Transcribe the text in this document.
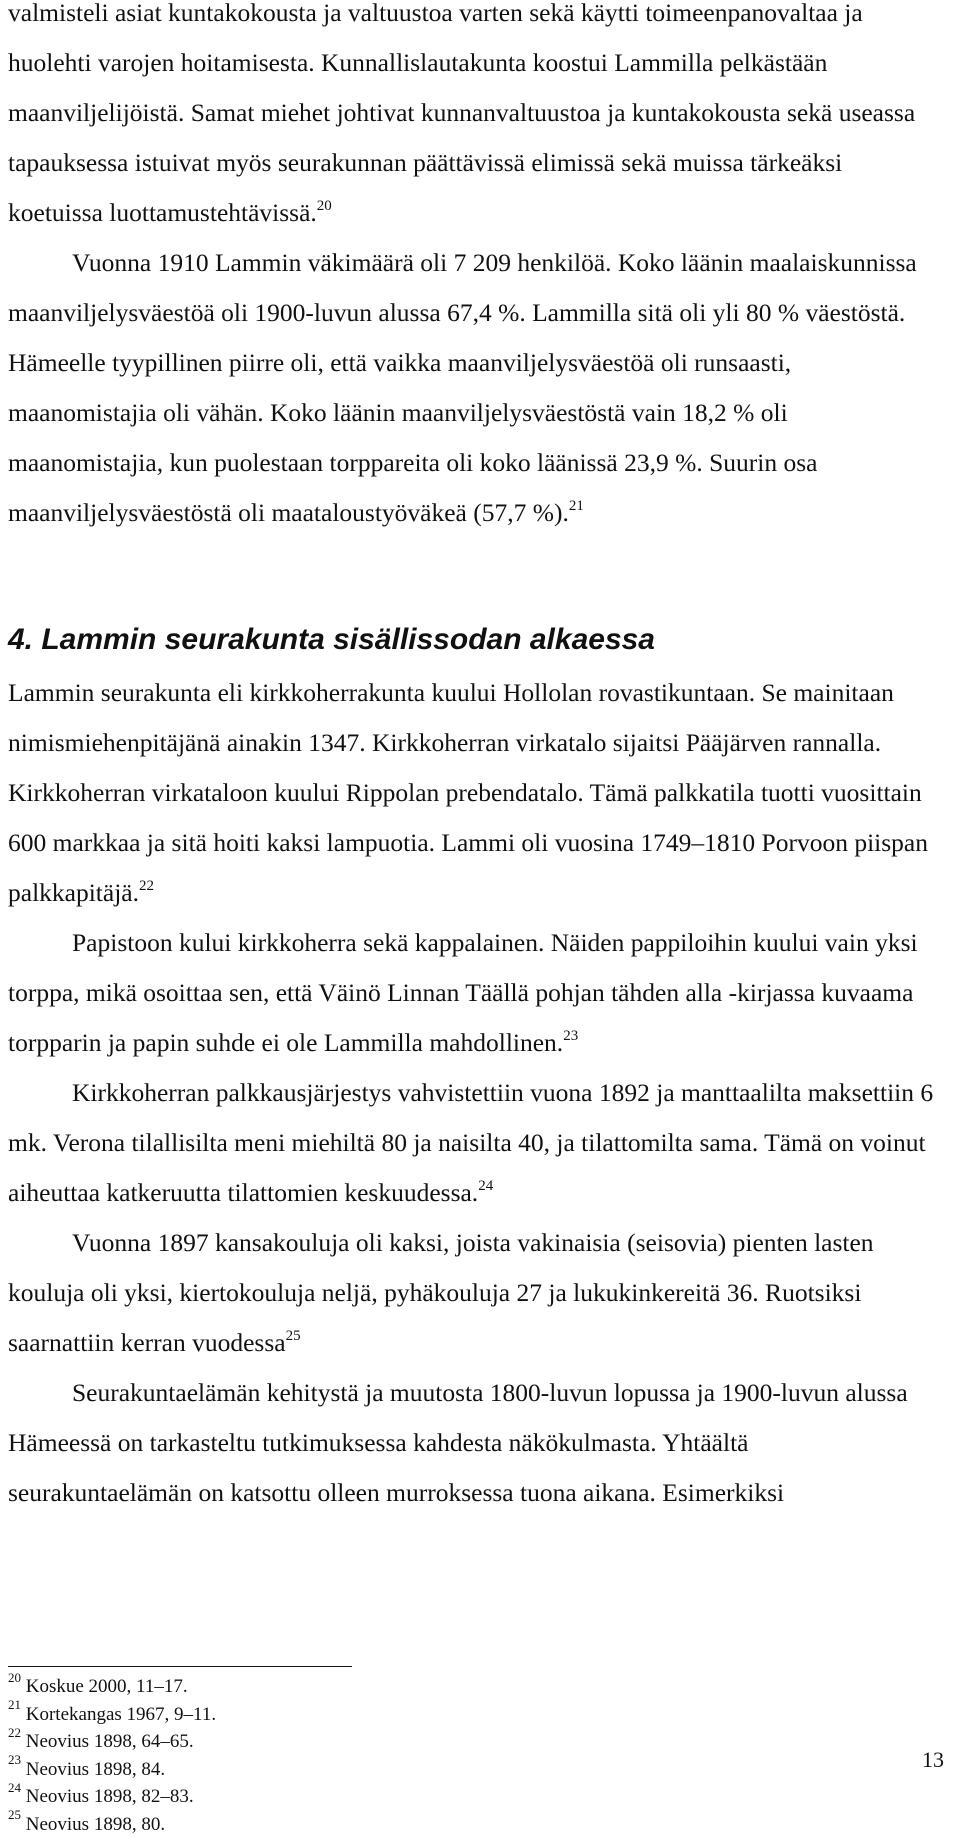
valmisteli asiat kuntakokousta ja valtuustoa varten sekä käytti toimeenpanovaltaa ja huolehti varojen hoitamisesta. Kunnallislautakunta koostui Lammilla pelkästään maanviljelijöistä. Samat miehet johtivat kunnanvaltuustoa ja kuntakokousta sekä useassa tapauksessa istuivat myös seurakunnan päättävissä elimissä sekä muissa tärkeäksi koetuissa luottamustehtävissä.$^{20}$

Vuonna 1910 Lammin väkimäärä oli 7 209 henkilöä. Koko läänin maalaiskunnissa maanviljelysväestöä oli 1900-luvun alussa 67,4 %. Lammilla sitä oli yli 80 % väestöstä. Hämeelle tyypillinen piirre oli, että vaikka maanviljelysväestöä oli runsaasti, maanomistajia oli vähän. Koko läänin maanviljelysväestöstä vain 18,2 % oli maanomistajia, kun puolestaan torppareita oli koko läänissä 23,9 %. Suurin osa maanviljelysväestöstä oli maataloustyöväkeä (57,7 %).$^{21}$

4. Lammin seurakunta sisällissodan alkaessa

Lammin seurakunta eli kirkkoherrakunta kuului Hollolan rovastikuntaan. Se mainitaan nimismiehenpitäjänä ainakin 1347. Kirkkoherran virkatalo sijaitsi Pääjärven rannalla. Kirkkoherran virkataloon kuului Rippolan prebendatalo. Tämä palkkatila tuotti vuosittain 600 markkaa ja sitä hoiti kaksi lampuotia. Lammi oli vuosina 1749–1810 Porvoon piispan palkkapitäjä.$^{22}$

Papistoon kului kirkkoherra sekä kappalainen. Näiden pappiloihin kuului vain yksi torppa, mikä osoittaa sen, että Väinö Linnan Täällä pohjan tähden alla -kirjassa kuvaama torpparin ja papin suhde ei ole Lammilla mahdollinen.$^{23}$

Kirkkoherran palkkausjärjestys vahvistettiin vuona 1892 ja manttaalilta maksettiin 6 mk. Verona tilallisilta meni miehiltä 80 ja naisilta 40, ja tilattomilta sama. Tämä on voinut aiheuttaa katkeruutta tilattomien keskuudessa.$^{24}$

Vuonna 1897 kansakouluja oli kaksi, joista vakinaisia (seisovia) pienten lasten kouluja oli yksi, kiertokouluja neljä, pyhäkouluja 27 ja lukukinkereitä 36. Ruotsiksi saarnattiin kerran vuodessa$^{25}$

Seurakuntaelämän kehitystä ja muutosta 1800-luvun lopussa ja 1900-luvun alussa Hämeessä on tarkasteltu tutkimuksessa kahdesta näkökulmasta. Yhtäältä seurakuntaelämän on katsottu olleen murroksessa tuona aikana. Esimerkiksi

$^{20}$ Koskue 2000, 11–17.

$^{21}$ Kortekangas 1967, 9–11.

$^{22}$ Neovius 1898, 64–65.

$^{23}$ Neovius 1898, 84.

$^{24}$ Neovius 1898, 82–83.

$^{25}$ Neovius 1898, 80.

13
